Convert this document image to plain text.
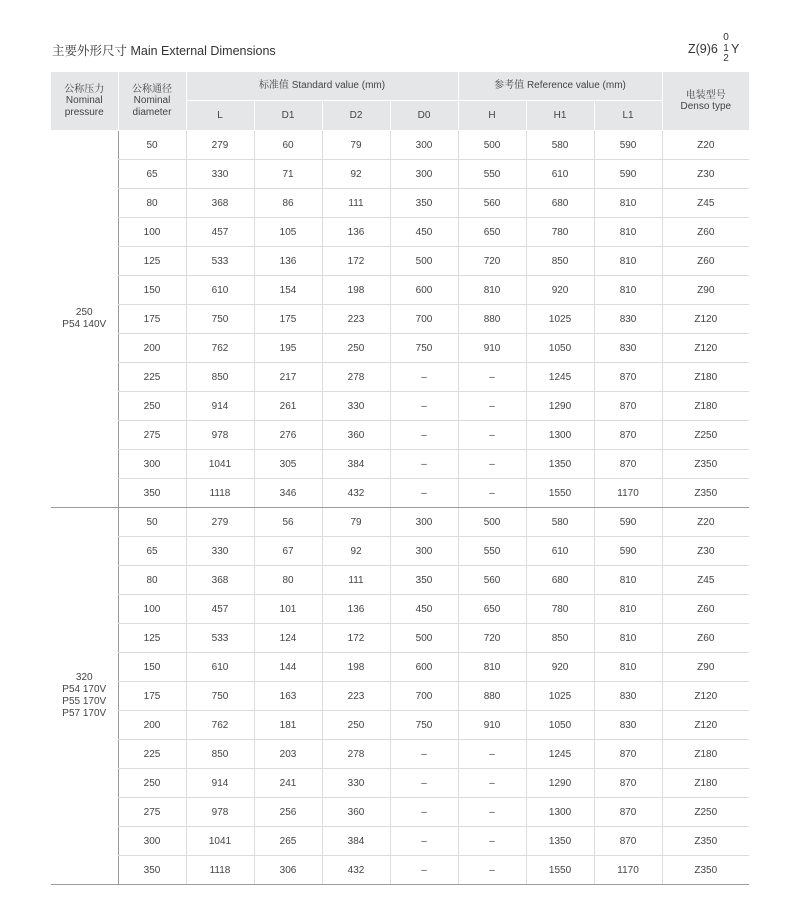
主要外形尺寸 Main External Dimensions	Z(9)6
0
1
2
Y
公称压力
Nominal
pressure	公称通径
Nominal
diameter	标准值 Standard value (mm)				参考值 Reference value (mm)			电装型号
Denso type
		L	D1	D2	D0	H	H1	L1	
250
P54 140V	50	279	60	79	300	500	580	590	Z20
	65	330	71	92	300	550	610	590	Z30
	80	368	86	111	350	560	680	810	Z45
	100	457	105	136	450	650	780	810	Z60
	125	533	136	172	500	720	850	810	Z60
	150	610	154	198	600	810	920	810	Z90
	175	750	175	223	700	880	1025	830	Z120
	200	762	195	250	750	910	1050	830	Z120
	225	850	217	278	–	–	1245	870	Z180
	250	914	261	330	–	–	1290	870	Z180
	275	978	276	360	–	–	1300	870	Z250
	300	1041	305	384	–	–	1350	870	Z350
	350	1118	346	432	–	–	1550	1170	Z350
320
P54 170V
P55 170V
P57 170V	50	279	56	79	300	500	580	590	Z20
	65	330	67	92	300	550	610	590	Z30
	80	368	80	111	350	560	680	810	Z45
	100	457	101	136	450	650	780	810	Z60
	125	533	124	172	500	720	850	810	Z60
	150	610	144	198	600	810	920	810	Z90
	175	750	163	223	700	880	1025	830	Z120
	200	762	181	250	750	910	1050	830	Z120
	225	850	203	278	–	–	1245	870	Z180
	250	914	241	330	–	–	1290	870	Z180
	275	978	256	360	–	–	1300	870	Z250
	300	1041	265	384	–	–	1350	870	Z350
	350	1118	306	432	–	–	1550	1170	Z350
